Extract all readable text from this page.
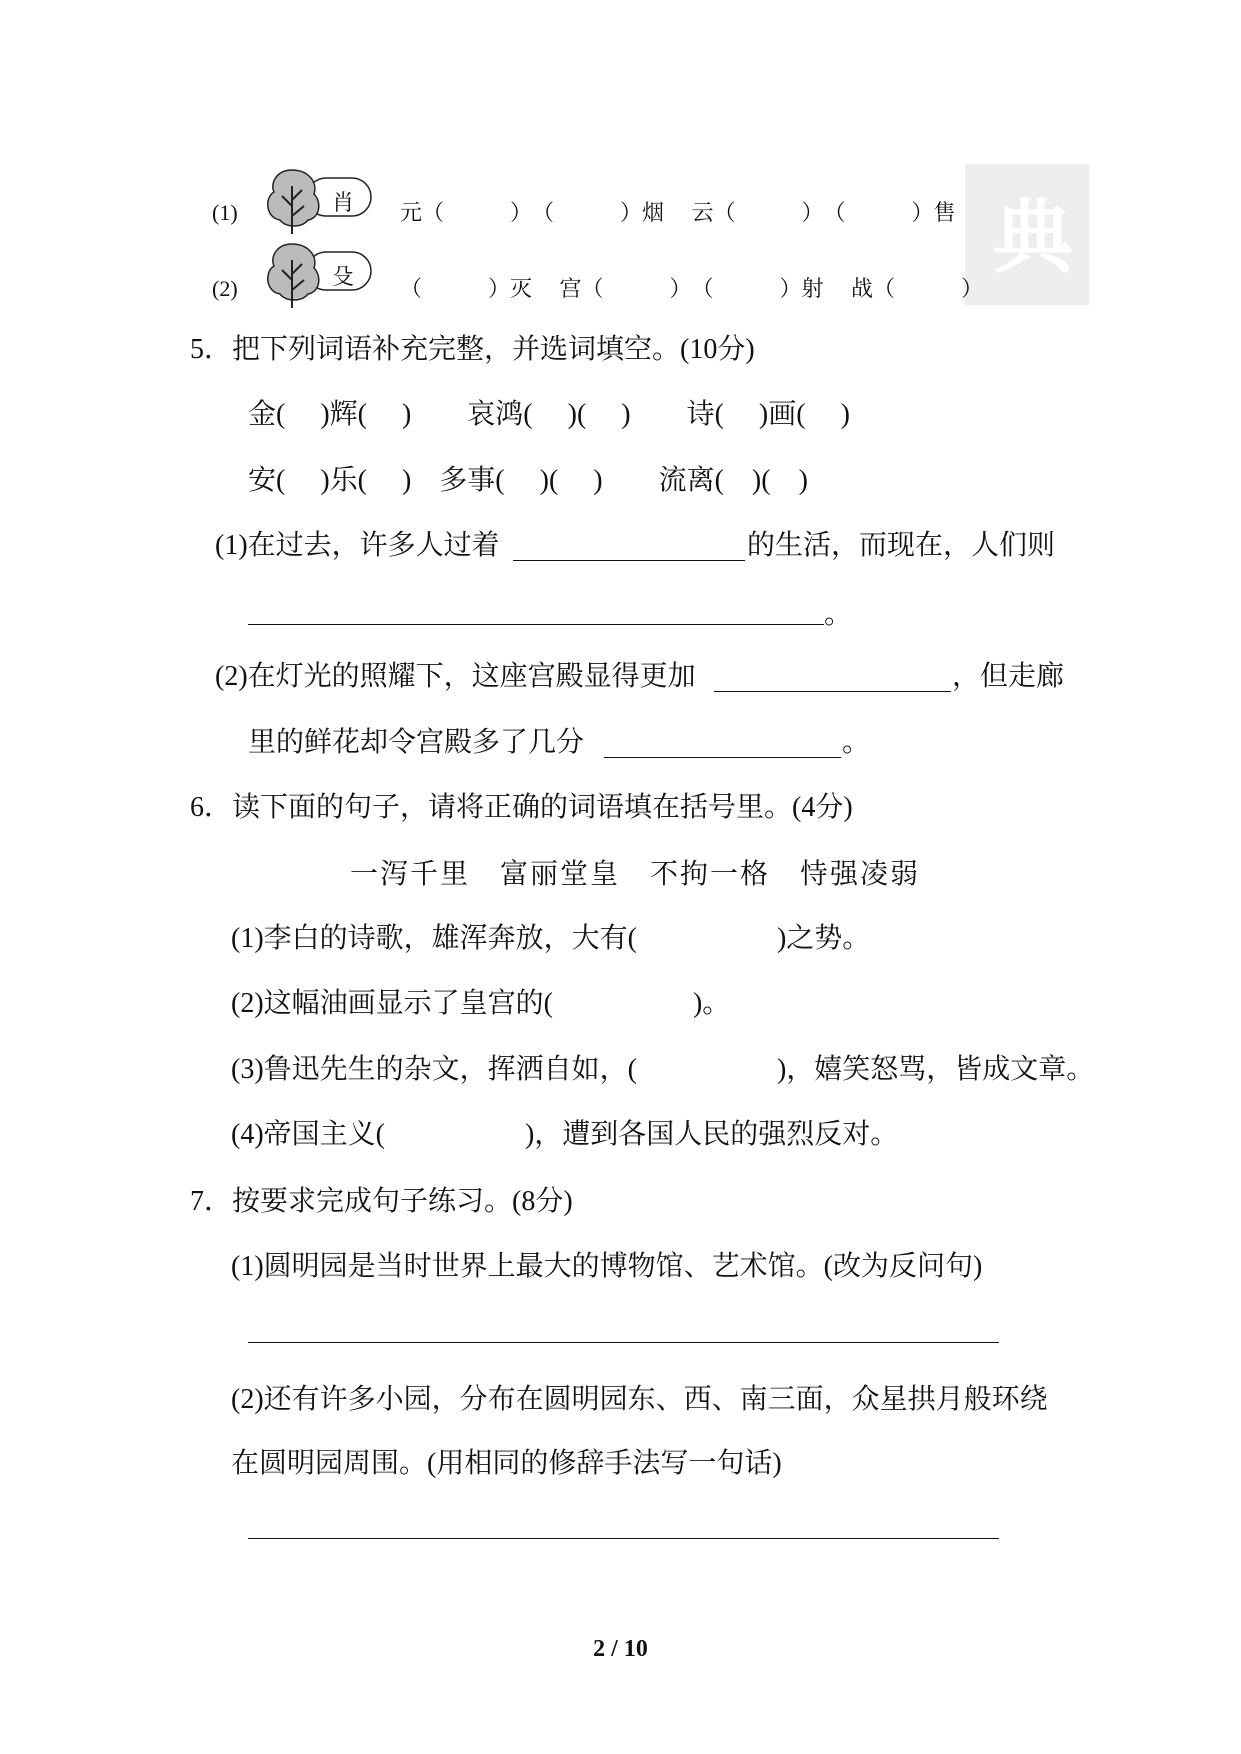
典
(1)	肖 元（　　　）　（　　　）烟　 云（　　　）　（　　　）售
(2)	殳 （　　　）灭　 宫（　　　）　（　　　）射　 战（　　　）
5．把下列词语补充完整，并选词填空。(10分)
金(　 )辉(　 )　　哀鸿(　 )(　 )　　诗(　 )画(　 )
安(　 )乐(　 )　多事(　 )(　 )　　流离(　)(　)
(1)在过去，许多人过着	的生活，而现在，人们则
。
(2)在灯光的照耀下，这座宫殿显得更加	，但走廊
里的鲜花却令宫殿多了几分	。
6．读下面的句子，请将正确的词语填在括号里。(4分)
一泻千里　富丽堂皇　不拘一格　恃强凌弱
(1)李白的诗歌，雄浑奔放，大有(　　　　　)之势。
(2)这幅油画显示了皇宫的(　　　　　)。
(3)鲁迅先生的杂文，挥洒自如，(　　　　　)，嬉笑怒骂，皆成文章。
(4)帝国主义(　　　　　)，遭到各国人民的强烈反对。
7．按要求完成句子练习。(8分)
(1)圆明园是当时世界上最大的博物馆、艺术馆。(改为反问句)
(2)还有许多小园，分布在圆明园东、西、南三面，众星拱月般环绕
在圆明园周围。(用相同的修辞手法写一句话)
2 / 10
